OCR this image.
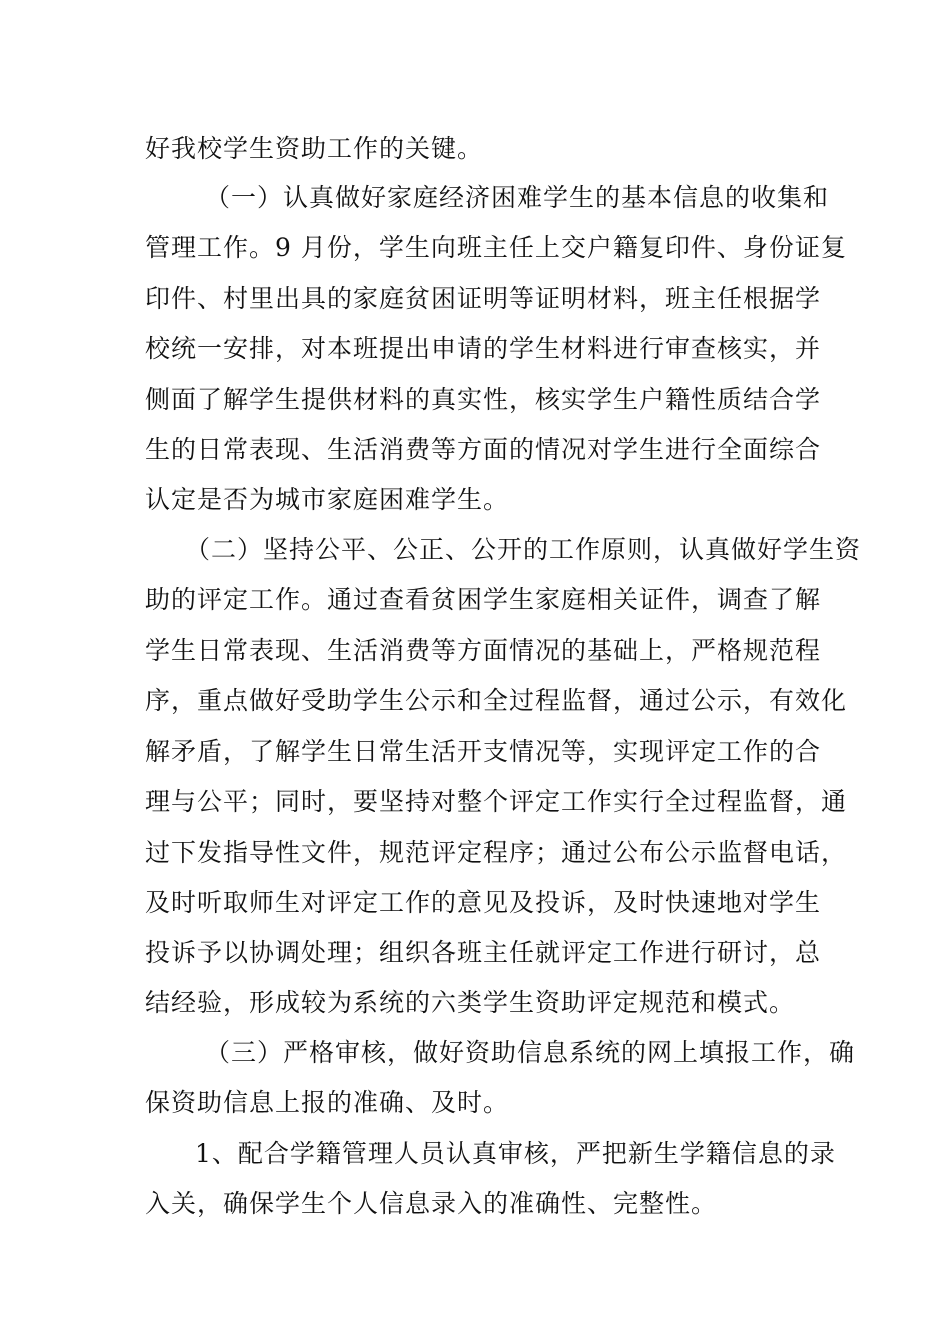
好我校学生资助工作的关键。
（一）认真做好家庭经济困难学生的基本信息的收集和
管理工作。9 月份，学生向班主任上交户籍复印件、身份证复
印件、村里出具的家庭贫困证明等证明材料，班主任根据学
校统一安排，对本班提出申请的学生材料进行审查核实，并
侧面了解学生提供材料的真实性，核实学生户籍性质结合学
生的日常表现、生活消费等方面的情况对学生进行全面综合
认定是否为城市家庭困难学生。
（二）坚持公平、公正、公开的工作原则，认真做好学生资
助的评定工作。通过查看贫困学生家庭相关证件，调查了解
学生日常表现、生活消费等方面情况的基础上，严格规范程
序，重点做好受助学生公示和全过程监督，通过公示，有效化
解矛盾，了解学生日常生活开支情况等，实现评定工作的合
理与公平；同时，要坚持对整个评定工作实行全过程监督，通
过下发指导性文件，规范评定程序；通过公布公示监督电话，
及时听取师生对评定工作的意见及投诉，及时快速地对学生
投诉予以协调处理；组织各班主任就评定工作进行研讨，总
结经验，形成较为系统的六类学生资助评定规范和模式。
（三）严格审核，做好资助信息系统的网上填报工作，确
保资助信息上报的准确、及时。
1、配合学籍管理人员认真审核，严把新生学籍信息的录
入关，确保学生个人信息录入的准确性、完整性。
